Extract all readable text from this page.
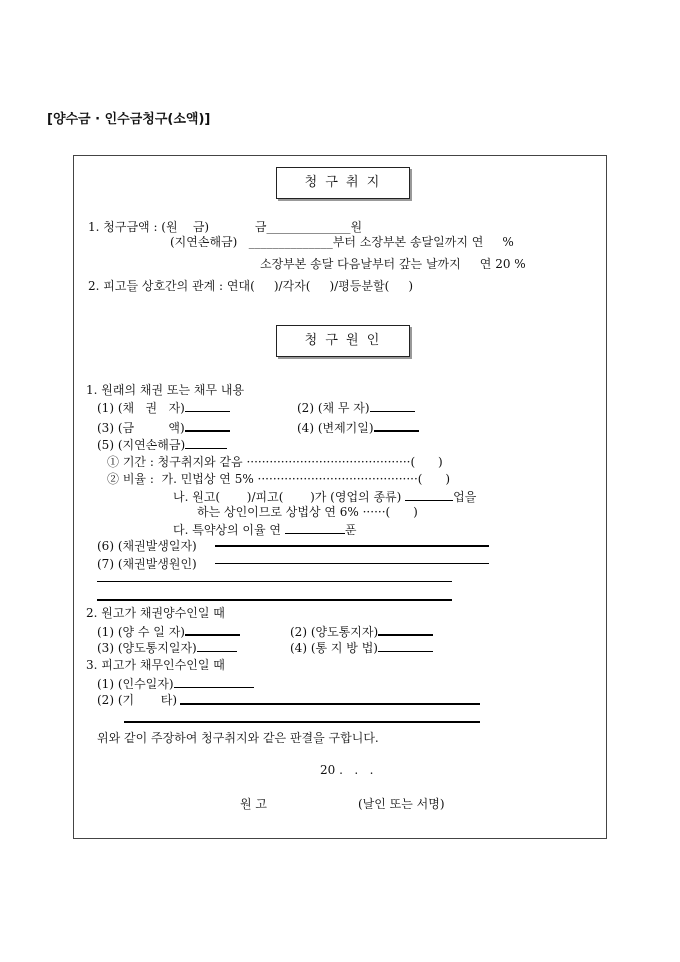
[양수금 · 인수금청구(소액)]
청 구 취 지
1. 청구금액 : (원    금)            금______________원
(지연손해금)   ______________부터 소장부본 송달일까지 연     %
소장부본 송달 다음날부터 갚는 날까지     연 20 %
2. 피고들 상호간의 관계 : 연대(     )/각자(     )/평등분할(     )
청 구 원 인
1. 원래의 채권 또는 채무 내용
(1) (채   권   자)	(2) (채 무 자)
(3) (금         액)	(4) (변제기일)
(5) (지연손해금)
① 기간 : 청구취지와 같음 ···········································(      )
② 비율 :  가. 민법상 연 5% ··········································(      )
나. 원고(       )/피고(       )가 (영업의 종류)	업을
하는 상인이므로 상법상 연 6% ······(      )
다. 특약상의 이율 연	푼
(6) (채권발생일자)
(7) (채권발생원인)
2. 원고가 채권양수인일 때
(1) (양 수 일 자)	(2) (양도통지자)
(3) (양도통지일자)	(4) (통 지 방 법)
3. 피고가 채무인수인일 때
(1) (인수일자)
(2) (기       타)
위와 같이 주장하여 청구취지와 같은 판결을 구합니다.
20 .   .   .
원 고	(날인 또는 서명)
